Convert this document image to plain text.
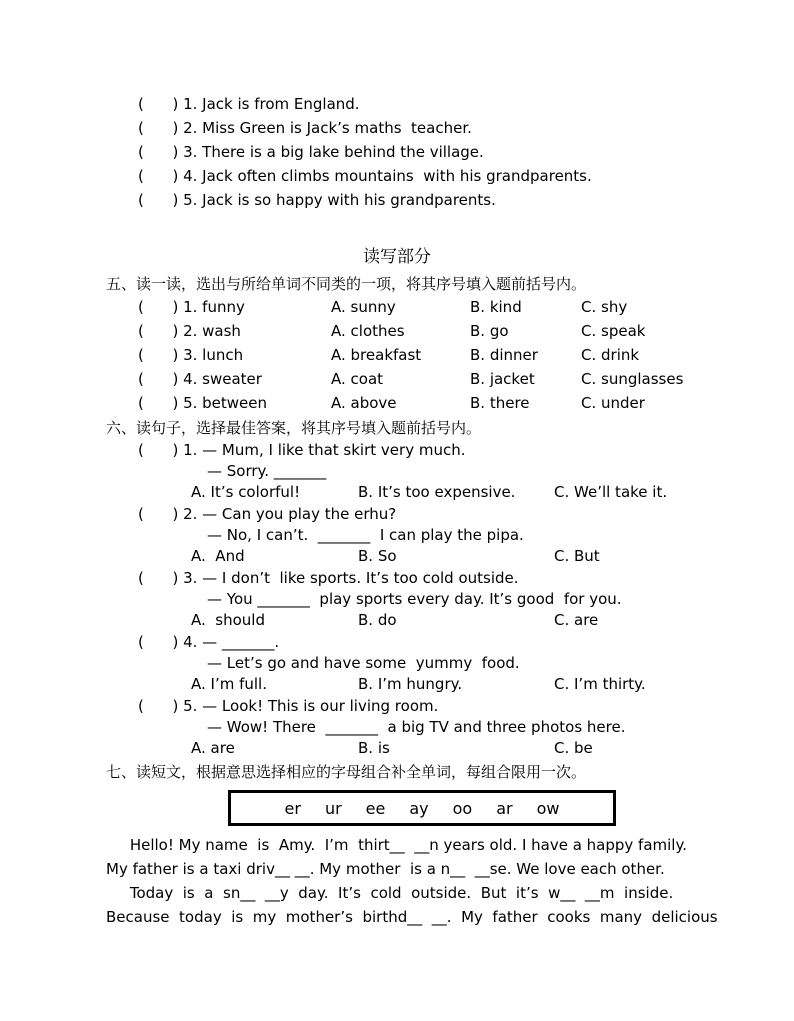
(      ) 1. Jack is from England.
(      ) 2. Miss Green is Jack’s maths  teacher.
(      ) 3. There is a big lake behind the village.
(      ) 4. Jack often climbs mountains  with his grandparents.
(      ) 5. Jack is so happy with his grandparents.
读写部分
五、读一读，选出与所给单词不同类的一项，将其序号填入题前括号内。
(      ) 1. funny	A. sunny	B. kind	C. shy
(      ) 2. wash	A. clothes	B. go	C. speak
(      ) 3. lunch	A. breakfast	B. dinner	C. drink
(      ) 4. sweater	A. coat	B. jacket	C. sunglasses
(      ) 5. between	A. above	B. there	C. under
六、读句子，选择最佳答案，将其序号填入题前括号内。
(      ) 1. — Mum, I like that skirt very much.
— Sorry. _______
A. It’s colorful!	B. It’s too expensive.	C. We’ll take it.
(      ) 2. — Can you play the erhu?
— No, I can’t.  _______  I can play the pipa.
A.  And	B. So	C. But
(      ) 3. — I don’t  like sports. It’s too cold outside.
— You _______  play sports every day. It’s good  for you.
A.  should	B. do	C. are
(      ) 4. — _______.
— Let’s go and have some  yummy  food.
A. I’m full.	B. I’m hungry.	C. I’m thirty.
(      ) 5. — Look! This is our living room.
— Wow! There  _______  a big TV and three photos here.
A. are	B. is	C. be
七、读短文，根据意思选择相应的字母组合补全单词，每组合限用一次。
er ur ee ay oo ar ow
Hello! My name  is  Amy.  I’m  thirt__  __n years old. I have a happy family.
My father is a taxi driv__ __. My mother  is a n__  __se. We love each other.
Today  is  a  sn__  __y  day.  It’s  cold  outside.  But  it’s  w__  __m  inside.
Because  today  is  my  mother’s  birthd__  __.  My  father  cooks  many  delicious
